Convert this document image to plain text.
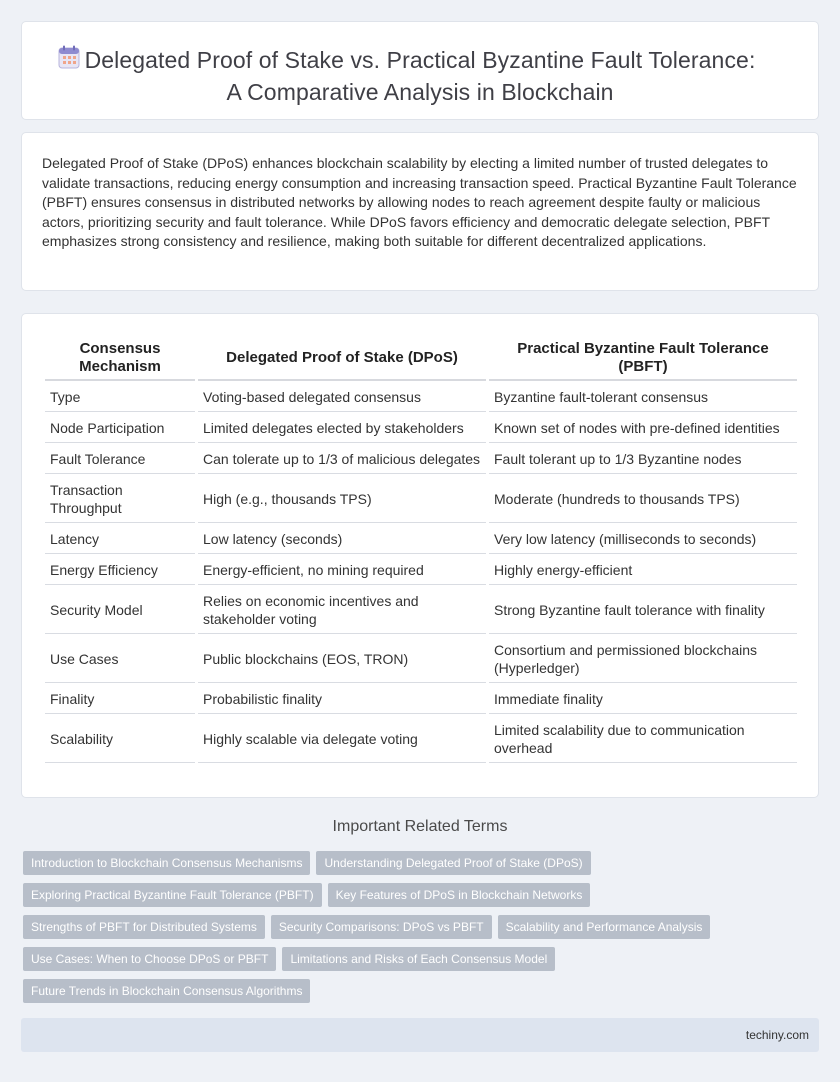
Delegated Proof of Stake vs. Practical Byzantine Fault Tolerance:
A Comparative Analysis in Blockchain

Delegated Proof of Stake (DPoS) enhances blockchain scalability by electing a limited number of trusted delegates to validate transactions, reducing energy consumption and increasing transaction speed. Practical Byzantine Fault Tolerance (PBFT) ensures consensus in distributed networks by allowing nodes to reach agreement despite faulty or malicious actors, prioritizing security and fault tolerance. While DPoS favors efficiency and democratic delegate selection, PBFT emphasizes strong consistency and resilience, making both suitable for different decentralized applications.

Consensus Mechanism	Delegated Proof of Stake (DPoS)	Practical Byzantine Fault Tolerance (PBFT)
Type	Voting-based delegated consensus	Byzantine fault-tolerant consensus
Node Participation	Limited delegates elected by stakeholders	Known set of nodes with pre-defined identities
Fault Tolerance	Can tolerate up to 1/3 of malicious delegates	Fault tolerant up to 1/3 Byzantine nodes
Transaction Throughput	High (e.g., thousands TPS)	Moderate (hundreds to thousands TPS)
Latency	Low latency (seconds)	Very low latency (milliseconds to seconds)
Energy Efficiency	Energy-efficient, no mining required	Highly energy-efficient
Security Model	Relies on economic incentives and stakeholder voting	Strong Byzantine fault tolerance with finality
Use Cases	Public blockchains (EOS, TRON)	Consortium and permissioned blockchains (Hyperledger)
Finality	Probabilistic finality	Immediate finality
Scalability	Highly scalable via delegate voting	Limited scalability due to communication overhead
Important Related Terms
Introduction to Blockchain Consensus Mechanisms	Understanding Delegated Proof of Stake (DPoS)
Exploring Practical Byzantine Fault Tolerance (PBFT)	Key Features of DPoS in Blockchain Networks
Strengths of PBFT for Distributed Systems	Security Comparisons: DPoS vs PBFT	Scalability and Performance Analysis
Use Cases: When to Choose DPoS or PBFT	Limitations and Risks of Each Consensus Model
Future Trends in Blockchain Consensus Algorithms
techiny.com
